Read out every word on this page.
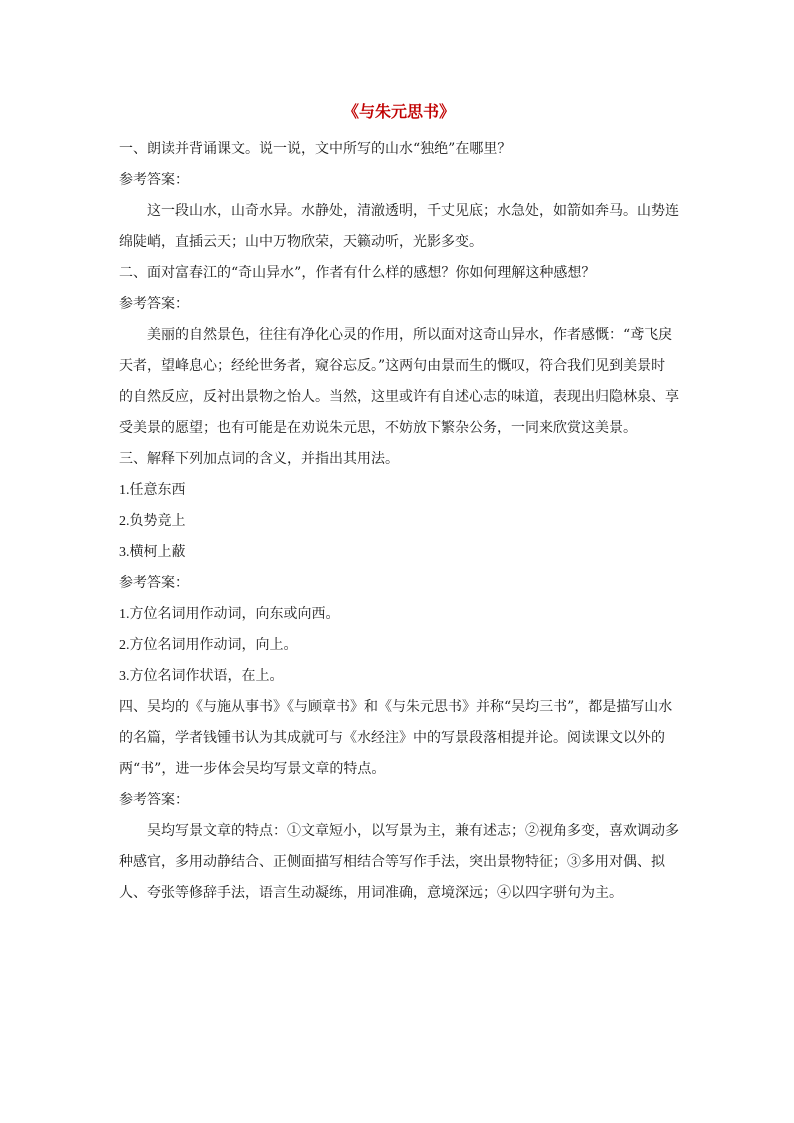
《与朱元思书》

一、朗读并背诵课文。说一说，文中所写的山水“独绝”在哪里？

参考答案：

这一段山水，山奇水异。水静处，清澈透明，千丈见底；水急处，如箭如奔马。山势连绵陡峭，直插云天；山中万物欣荣，天籁动听，光影多变。

二、面对富春江的“奇山异水”，作者有什么样的感想？你如何理解这种感想？

参考答案：

美丽的自然景色，往往有净化心灵的作用，所以面对这奇山异水，作者感慨：“鸢飞戾天者，望峰息心；经纶世务者，窥谷忘反。”这两句由景而生的慨叹，符合我们见到美景时的自然反应，反衬出景物之怡人。当然，这里或许有自述心志的味道，表现出归隐林泉、享受美景的愿望；也有可能是在劝说朱元思，不妨放下繁杂公务，一同来欣赏这美景。

三、解释下列加点词的含义，并指出其用法。

1.任意东西

2.负势竞上

3.横柯上蔽

参考答案：

1.方位名词用作动词，向东或向西。

2.方位名词用作动词，向上。

3.方位名词作状语，在上。

四、吴均的《与施从事书》《与顾章书》和《与朱元思书》并称“吴均三书”，都是描写山水的名篇，学者钱锺书认为其成就可与《水经注》中的写景段落相提并论。阅读课文以外的两“书”，进一步体会吴均写景文章的特点。

参考答案：

吴均写景文章的特点：①文章短小，以写景为主，兼有述志；②视角多变，喜欢调动多种感官，多用动静结合、正侧面描写相结合等写作手法，突出景物特征；③多用对偶、拟人、夸张等修辞手法，语言生动凝练，用词准确，意境深远；④以四字骈句为主。
